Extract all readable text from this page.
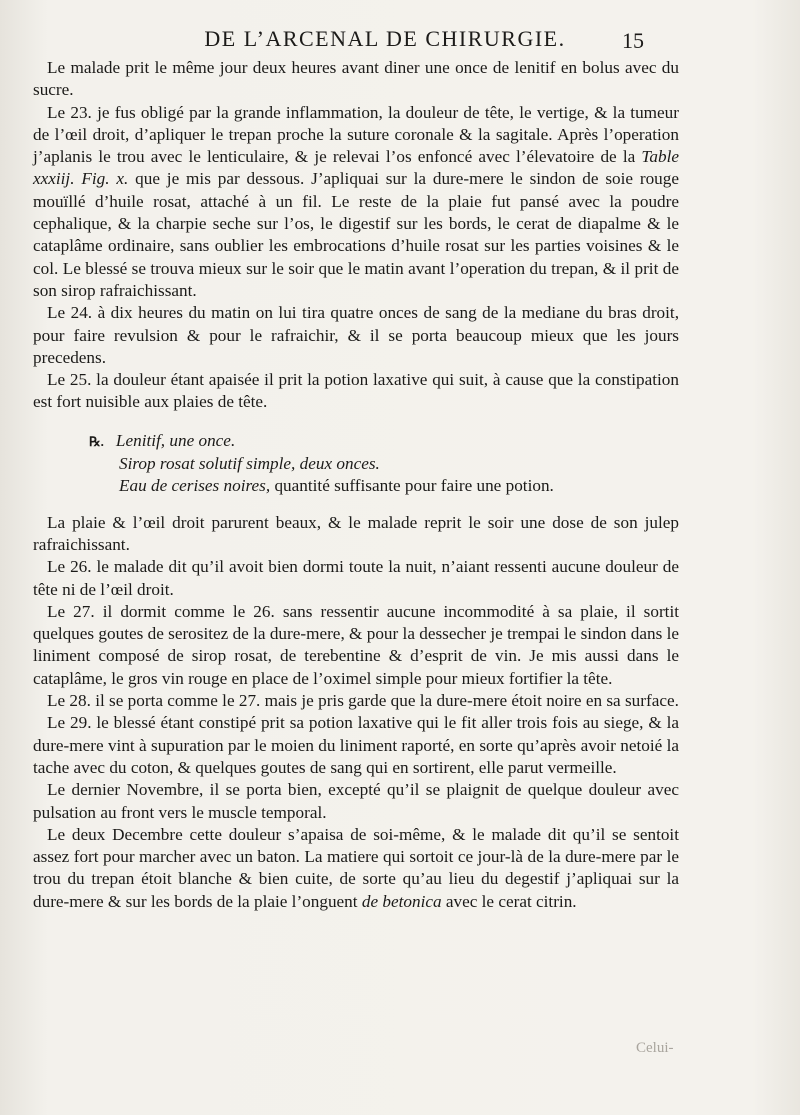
DE L’ARCENAL DE CHIRURGIE.	15

Le malade prit le même jour deux heures avant diner une once de lenitif en bolus avec du sucre.

Le 23. je fus obligé par la grande inflammation, la douleur de tête, le vertige, & la tumeur de l’œil droit, d’apliquer le trepan proche la suture coronale & la sagitale. Après l’operation j’aplanis le trou avec le lenticulaire, & je relevai l’os enfoncé avec l’élevatoire de la Table xxxiij. Fig. x. que je mis par dessous. J’apliquai sur la dure-mere le sindon de soie rouge mouïllé d’huile rosat, attaché à un fil. Le reste de la plaie fut pansé avec la poudre cephalique, & la charpie seche sur l’os, le digestif sur les bords, le cerat de diapalme & le cataplâme ordinaire, sans oublier les embrocations d’huile rosat sur les parties voisines & le col. Le blessé se trouva mieux sur le soir que le matin avant l’operation du trepan, & il prit de son sirop rafraichissant.

Le 24. à dix heures du matin on lui tira quatre onces de sang de la mediane du bras droit, pour faire revulsion & pour le rafraichir, & il se porta beaucoup mieux que les jours precedens.

Le 25. la douleur étant apaisée il prit la potion laxative qui suit, à cause que la constipation est fort nuisible aux plaies de tête.

℞. Lenitif, une once.
Sirop rosat solutif simple, deux onces.
Eau de cerises noires, quantité suffisante pour faire une potion.

La plaie & l’œil droit parurent beaux, & le malade reprit le soir une dose de son julep rafraichissant.

Le 26. le malade dit qu’il avoit bien dormi toute la nuit, n’aiant ressenti aucune douleur de tête ni de l’œil droit.

Le 27. il dormit comme le 26. sans ressentir aucune incommodité à sa plaie, il sortit quelques goutes de serositez de la dure-mere, & pour la dessecher je trempai le sindon dans le liniment composé de sirop rosat, de terebentine & d’esprit de vin. Je mis aussi dans le cataplâme, le gros vin rouge en place de l’oximel simple pour mieux fortifier la tête.

Le 28. il se porta comme le 27. mais je pris garde que la dure-mere étoit noire en sa surface.

Le 29. le blessé étant constipé prit sa potion laxative qui le fit aller trois fois au siege, & la dure-mere vint à supuration par le moien du liniment raporté, en sorte qu’après avoir netoié la tache avec du coton, & quelques goutes de sang qui en sortirent, elle parut vermeille.

Le dernier Novembre, il se porta bien, excepté qu’il se plaignit de quelque douleur avec pulsation au front vers le muscle temporal.

Le deux Decembre cette douleur s’apaisa de soi-même, & le malade dit qu’il se sentoit assez fort pour marcher avec un baton. La matiere qui sortoit ce jour-là de la dure-mere par le trou du trepan étoit blanche & bien cuite, de sorte qu’au lieu du degestif j’apliquai sur la dure-mere & sur les bords de la plaie l’onguent de betonica avec le cerat citrin.

Celui-
